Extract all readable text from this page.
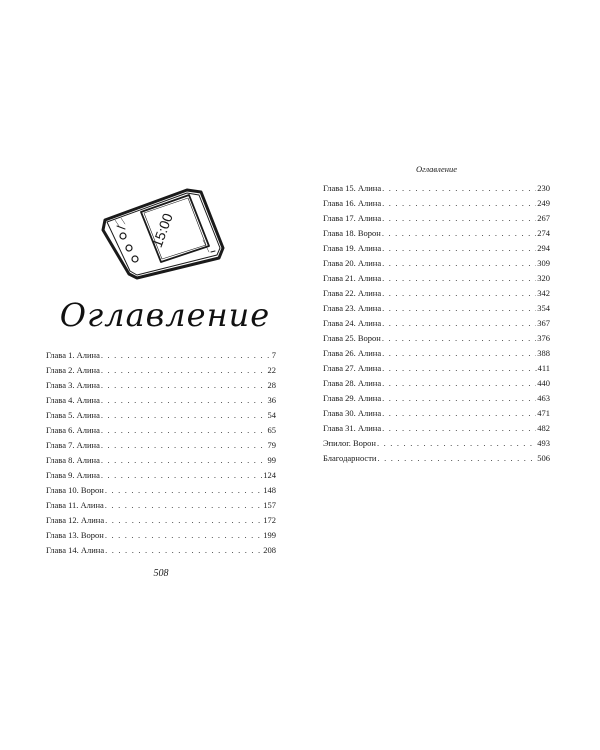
15:00
Оглавление
Глава 1. Алина . . .	7
Глава 2. Алина . . .	22
Глава 3. Алина . . .	28
Глава 4. Алина . . .	36
Глава 5. Алина . . .	54
Глава 6. Алина . . .	65
Глава 7. Алина . . .	79
Глава 8. Алина . . .	99
Глава 9. Алина . . .	124
Глава 10. Ворон . . .	148
Глава 11. Алина . . .	157
Глава 12. Алина . . .	172
Глава 13. Ворон . . .	199
Глава 14. Алина . . .	208
508
Оглавление
Глава 15. Алина . . .	230
Глава 16. Алина . . .	249
Глава 17. Алина . . .	267
Глава 18. Ворон . . .	274
Глава 19. Алина . . .	294
Глава 20. Алина . . .	309
Глава 21. Алина . . .	320
Глава 22. Алина . . .	342
Глава 23. Алина . . .	354
Глава 24. Алина . . .	367
Глава 25. Ворон . . .	376
Глава 26. Алина . . .	388
Глава 27. Алина . . .	411
Глава 28. Алина . . .	440
Глава 29. Алина . . .	463
Глава 30. Алина . . .	471
Глава 31. Алина . . .	482
Эпилог. Ворон . . .	493
Благодарности . . .	506
